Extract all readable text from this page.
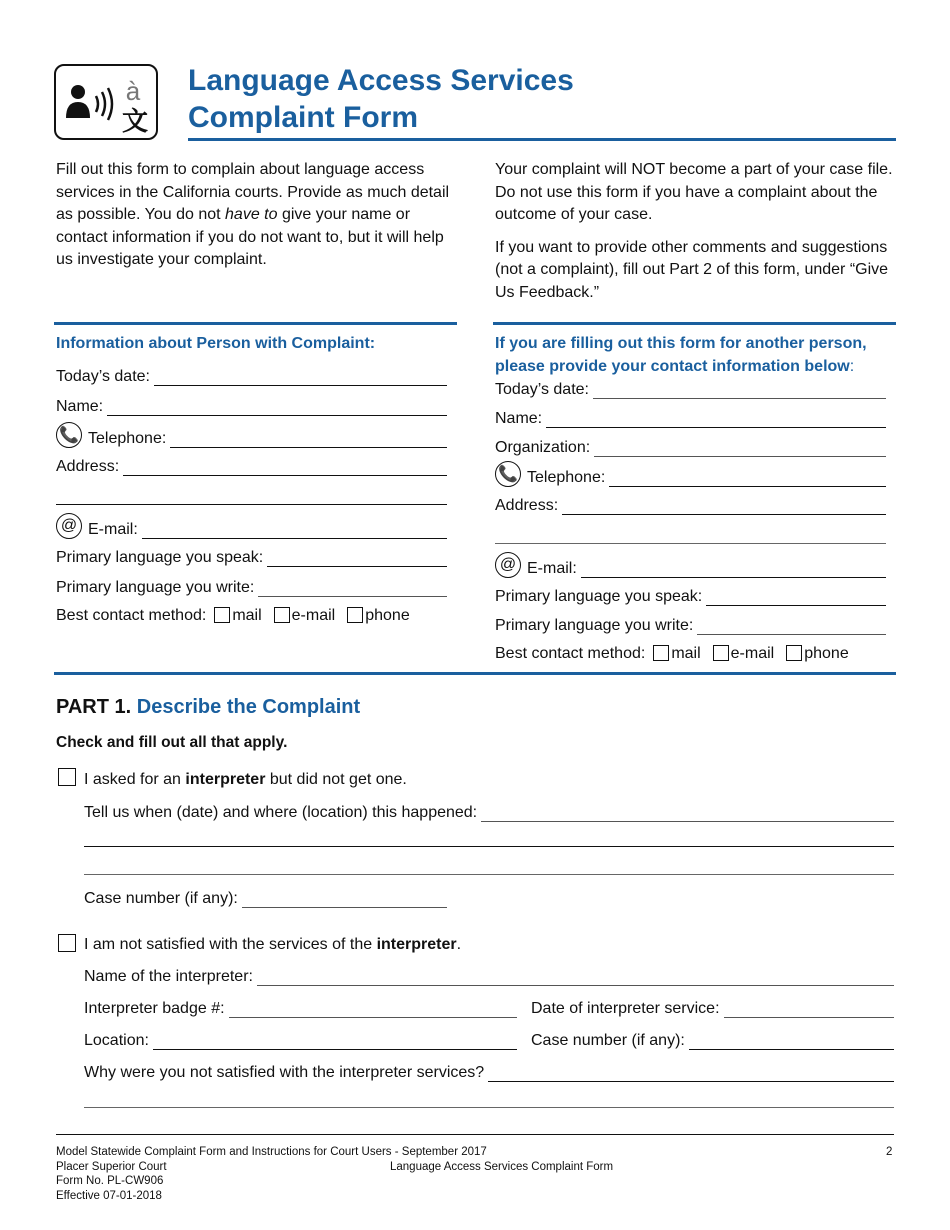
à
文
Language Access Services
Complaint Form

Fill out this form to complain about language access services in the California courts. Provide as much detail as possible. You do not have to give your name or contact information if you do not want to, but it will help us investigate your complaint.

Your complaint will NOT become a part of your case file. Do not use this form if you have a complaint about the outcome of your case.

If you want to provide other comments and suggestions (not a complaint), fill out Part 2 of this form, under “Give Us Feedback.”

Information about Person with Complaint:
Today’s date:
Name:
📞 Telephone:
Address:
@ E-mail:
Primary language you speak:
Primary language you write:
Best contact method: mail e-mail phone
If you are filling out this form for another person,
please provide your contact information below:
Today’s date:
Name:
Organization:
📞 Telephone:
Address:
@ E-mail:
Primary language you speak:
Primary language you write:
Best contact method: mail e-mail phone
PART 1. Describe the Complaint
Check and fill out all that apply.
I asked for an interpreter but did not get one.
Tell us when (date) and where (location) this happened:
Case number (if any):
I am not satisfied with the services of the interpreter.
Name of the interpreter:
Interpreter badge #:	Date of interpreter service:
Location:	Case number (if any):
Why were you not satisfied with the interpreter services?
Model Statewide Complaint Form and Instructions for Court Users - September 2017
Placer Superior Court
Form No. PL-CW906
Effective 07-01-2018
Language Access Services Complaint Form
2
